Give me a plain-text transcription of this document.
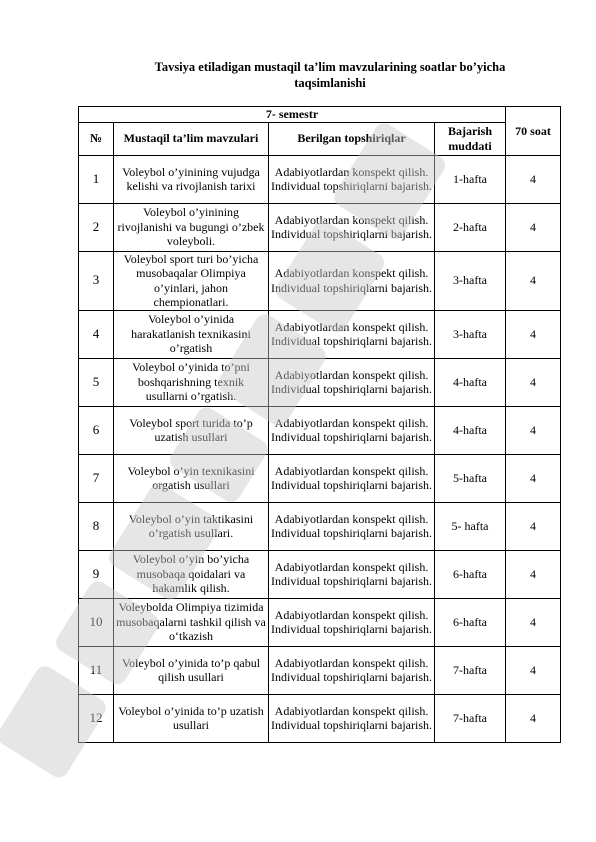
Tavsiya etiladigan mustaqil ta’lim mavzularining soatlar bo’yicha
taqsimlanishi
7- semestr				70 soat
№	Mustaqil ta’lim mavzulari	Berilgan topshiriqlar	Bajarish muddati	
1	Voleybol o’yinining vujudga kelishi va rivojlanish tarixi	Adabiyotlardan konspekt qilish. Individual topshiriqlarni bajarish.	1-hafta	4
2	Voleybol o’yinining rivojlanishi va bugungi o’zbek voleyboli.	Adabiyotlardan konspekt qilish. Individual topshiriqlarni bajarish.	2-hafta	4
3	Voleybol sport turi bo’yicha musobaqalar Olimpiya o’yinlari, jahon chempionatlari.	Adabiyotlardan konspekt qilish. Individual topshiriqlarni bajarish.	3-hafta	4
4	Voleybol o’yinida harakatlanish texnikasini o’rgatish	Adabiyotlardan konspekt qilish. Individual topshiriqlarni bajarish.	3-hafta	4
5	Voleybol o’yinida to’pni boshqarishning texnik usullarni o’rgatish.	Adabiyotlardan konspekt qilish. Individual topshiriqlarni bajarish.	4-hafta	4
6	Voleybol sport turida to’p uzatish usullari	Adabiyotlardan konspekt qilish. Individual topshiriqlarni bajarish.	4-hafta	4
7	Voleybol o’yin texnikasini orgatish usullari	Adabiyotlardan konspekt qilish. Individual topshiriqlarni bajarish.	5-hafta	4
8	Voleybol o’yin taktikasini o’rgatish usullari.	Adabiyotlardan konspekt qilish. Individual topshiriqlarni bajarish.	5- hafta	4
9	Voleybol o’yin bo’yicha musobaqa qoidalari va hakamlik qilish.	Adabiyotlardan konspekt qilish. Individual topshiriqlarni bajarish.	6-hafta	4
10	Voleybolda Olimpiya tizimida musobaqalarni tashkil qilish va o‘tkazish	Adabiyotlardan konspekt qilish. Individual topshiriqlarni bajarish.	6-hafta	4
11	Voleybol o’yinida to’p qabul qilish usullari	Adabiyotlardan konspekt qilish. Individual topshiriqlarni bajarish.	7-hafta	4
12	Voleybol o’yinida to’p uzatish usullari	Adabiyotlardan konspekt qilish. Individual topshiriqlarni bajarish.	7-hafta	4
